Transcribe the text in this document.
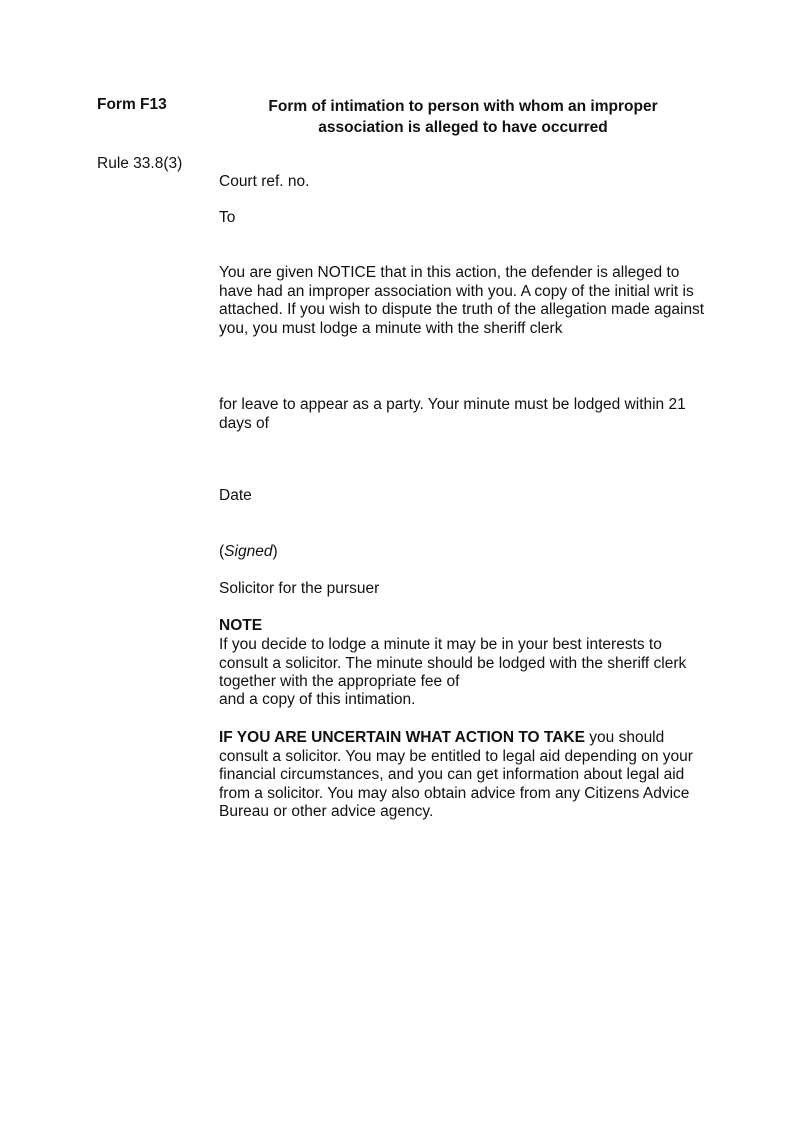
Form F13	Form of intimation to person with whom an improper
association is alleged to have occurred
Rule 33.8(3)
Court ref. no.
To

You are given NOTICE that in this action, the defender is alleged to have had an improper association with you. A copy of the initial writ is attached. If you wish to dispute the truth of the allegation made against you, you must lodge a minute with the sheriff clerk

for leave to appear as a party. Your minute must be lodged within 21 days of

Date
(Signed)
Solicitor for the pursuer
NOTE

If you decide to lodge a minute it may be in your best interests to consult a solicitor. The minute should be lodged with the sheriff clerk together with the appropriate fee of

and a copy of this intimation.

IF YOU ARE UNCERTAIN WHAT ACTION TO TAKE you should consult a solicitor. You may be entitled to legal aid depending on your financial circumstances, and you can get information about legal aid from a solicitor. You may also obtain advice from any Citizens Advice Bureau or other advice agency.
